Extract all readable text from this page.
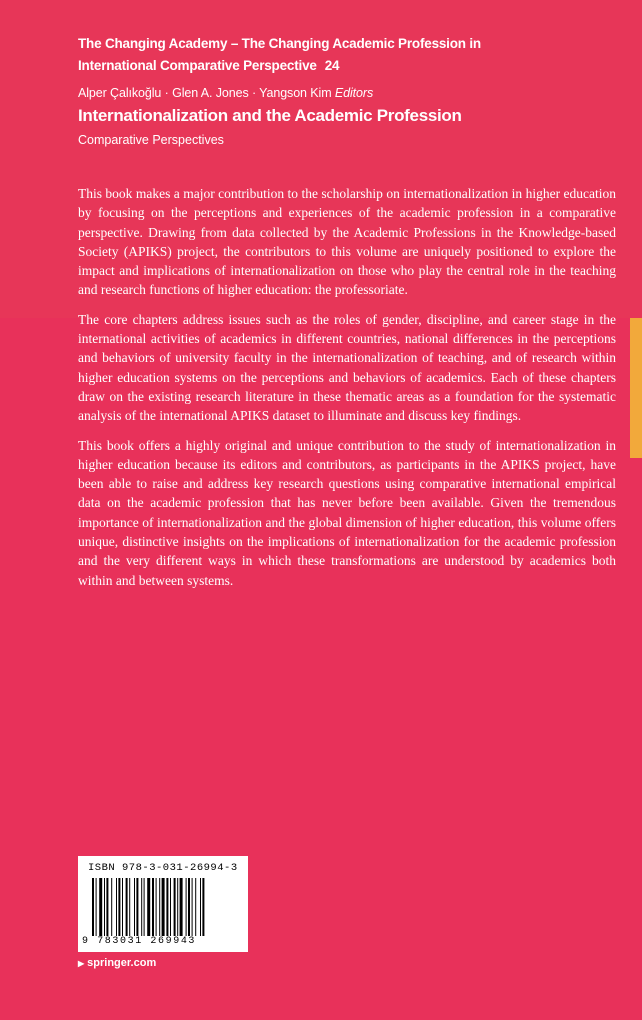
The Changing Academy – The Changing Academic Profession in
International Comparative Perspective 24
Alper Çalıkoğlu · Glen A. Jones · Yangson Kim Editors
Internationalization and the Academic Profession
Comparative Perspectives

This book makes a major contribution to the scholarship on internationalization in higher education by focusing on the perceptions and experiences of the academic profession in a comparative perspective. Drawing from data collected by the Academic Professions in the Knowledge-based Society (APIKS) project, the contributors to this volume are uniquely positioned to explore the impact and implications of internationalization on those who play the central role in the teaching and research functions of higher education: the professoriate.

The core chapters address issues such as the roles of gender, discipline, and career stage in the international activities of academics in different countries, national differences in the perceptions and behaviors of university faculty in the internationalization of teaching, and of research within higher education systems on the perceptions and behaviors of academics. Each of these chapters draw on the existing research literature in these thematic areas as a foundation for the systematic analysis of the international APIKS dataset to illuminate and discuss key findings.

This book offers a highly original and unique contribution to the study of internationalization in higher education because its editors and contributors, as participants in the APIKS project, have been able to raise and address key research questions using comparative international empirical data on the academic profession that has never before been available. Given the tremendous importance of internationalization and the global dimension of higher education, this volume offers unique, distinctive insights on the implications of internationalization for the academic profession and the very different ways in which these transformations are understood by academics both within and between systems.

ISBN 978-3-031-26994-3
9 783031 269943
▶ springer.com
